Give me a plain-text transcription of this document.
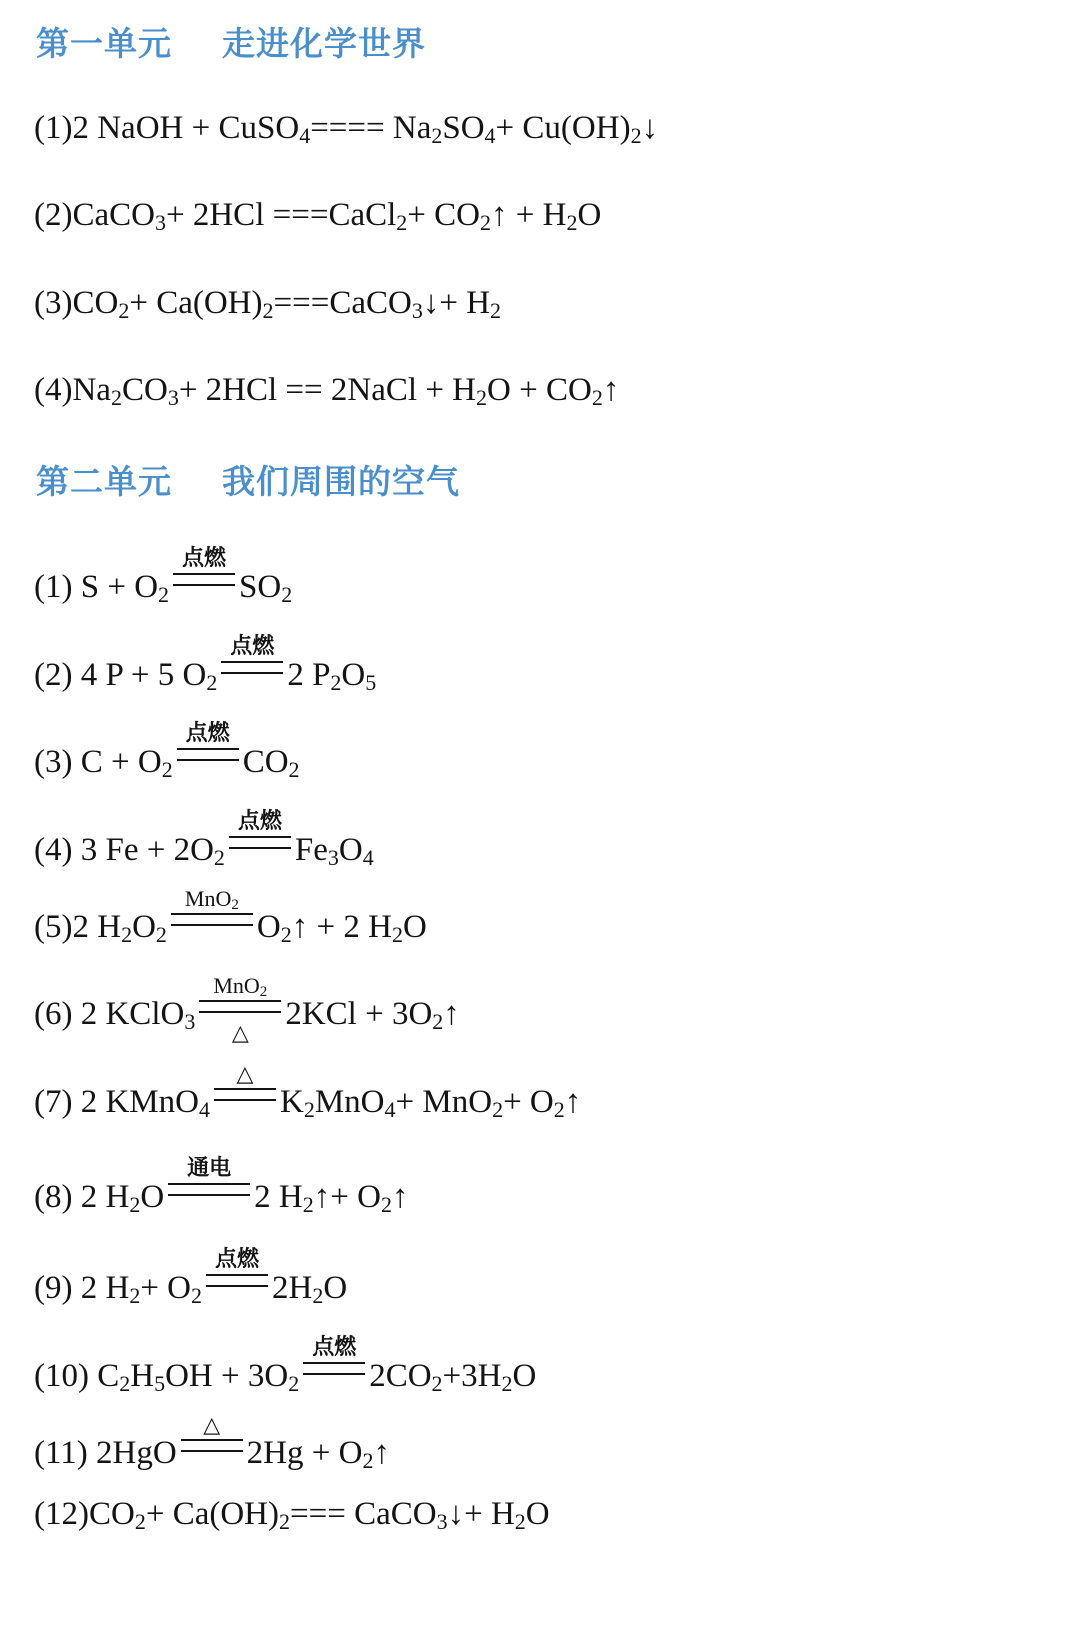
第一单元    走进化学世界
(1)2 NaOH + CuSO$_4$==== $Na_2SO_4+$ $Cu(OH)_2↓$
(2)CaCO$_3$+ 2HCl ===CaCl$_2$+ $CO_2↑ + H_2O$
$(3)CO_2+$ $Ca(OH)_2===CaCO_3↓+ H_2$
$(4)Na_2CO_3+ 2HCl$ == 2NaCl + $H_2O$ + $CO_2↑$
第二单元    我们周围的空气
(1) $S + O_2$
点燃
$SO_2$
(2) 4 P + 5 $O_2$
点燃
2 $P_2O_5$
(3) $C + O_2$
点燃
$CO_2$
(4) 3 $Fe + 2O_2$
点燃
$Fe_3O_4$
(5)2 $H_2O_2$
MnO$_2$
$O_2↑ + 2$ $H_2O$
(6) 2 KClO$_3$
MnO$_2$
△
$2KCl + 3O_2↑$
(7) 2 KMnO$_4$
△
$K_2MnO_4+ MnO_2+$ $O_2↑$
(8) 2 $H_2O$
通电
2 $H_2↑+$ $O_2↑$
(9) 2 $H_2+ O_2$
点燃
$2H_2O$
(10) $C_2H_5OH + 3O_2$
点燃
$2CO_2+3H_2O$
(11) 2HgO
△
$2Hg + O_2↑$
$(12)CO_2+ Ca(OH)_2===$ CaCO$_3$↓+ $H_2O$
